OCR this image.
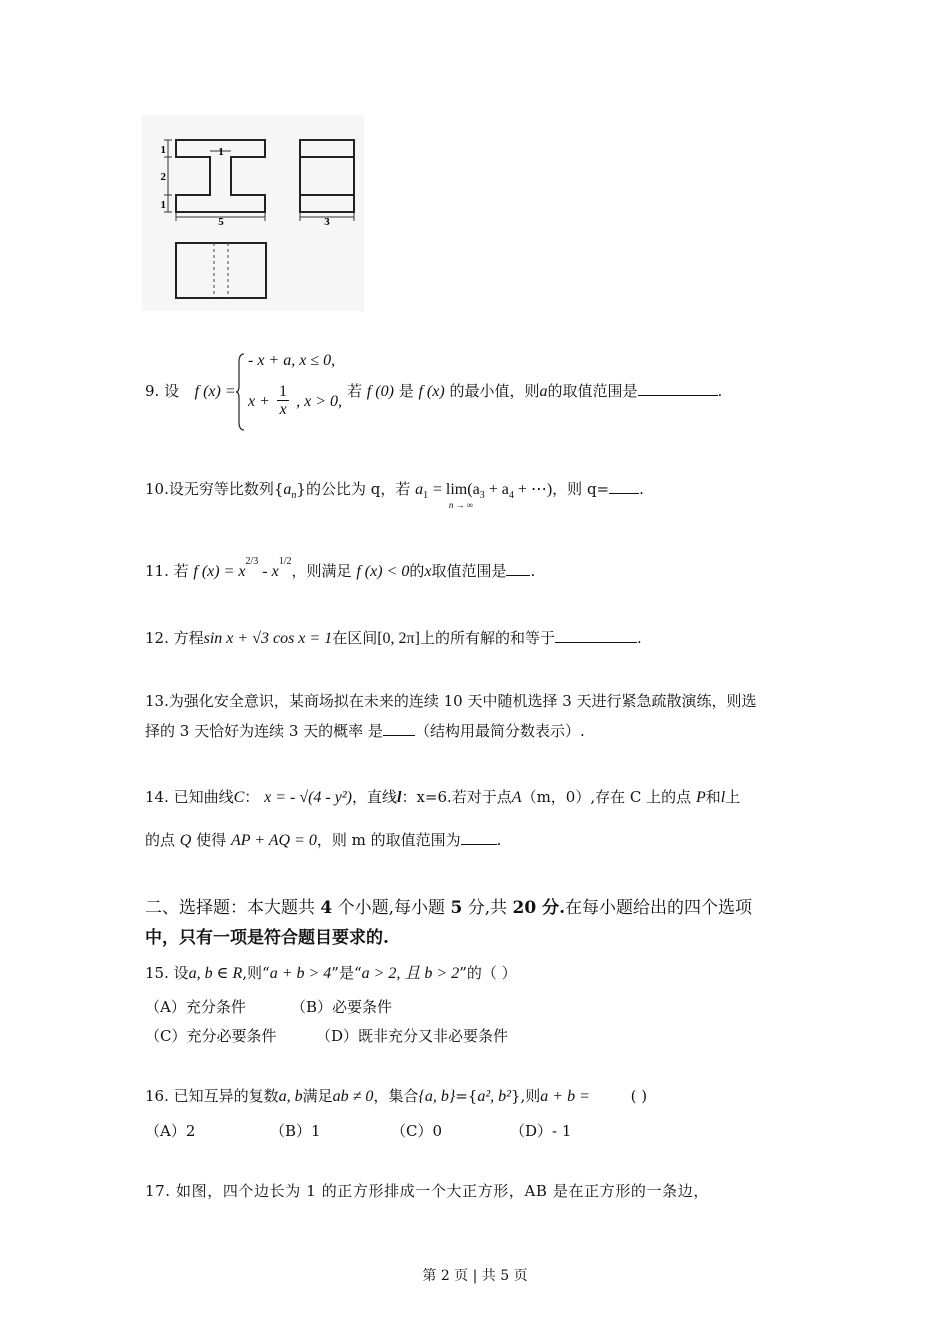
1
2
1
1
5	3
9. 设 f (x) =
- x + a, x ≤ 0,
$x + \frac{1}{x}$ , x > 0,
若 f (0) 是 f (x) 的最小值，则a的取值范围是	.
10.设无穷等比数列$\{a_n\}$的公比为 q，若 $a_1 = \lim(a_3 + a_4$ + ⋯)
n → ∞
，则 q= .
11. 若 f $(x) = x^{2/3} - x^{1/2}$，则满足 f (x) < 0的x取值范围是 .
12. 方程sin x + √3 cos x = 1在区间[0, 2π]上的所有解的和等于	.
13.为强化安全意识，某商场拟在未来的连续 10 天中随机选择 3 天进行紧急疏散演练，则选
择的 3 天恰好为连续 3 天的概率 是 （结构用最简分数表示）.
14. 已知曲线C： x = - √(4 - y²)，直线l：x=6.若对于点A（m，0）,存在 C 上的点 P和l上
的点 Q 使得 AP + AQ = 0，则 m 的取值范围为 .
二、选择题：本大题共 4 个小题,每小题 5 分,共 20 分.在每小题给出的四个选项
中，只有一项是符合题目要求的.
15. 设a, b ∈ R,则“a + b > 4”是“a > 2, 且 b > 2”的（ ）
（A）充分条件	（B）必要条件
（C）充分必要条件	（D）既非充分又非必要条件
16. 已知互异的复数a, b满足ab ≠ 0，集合{a, b}={a², b²},则a + b =	( )
（A）2	（B）1	（C）0	（D）- 1
17. 如图，四个边长为 1 的正方形排成一个大正方形，AB 是在正方形的一条边，
第 2 页 | 共 5 页
